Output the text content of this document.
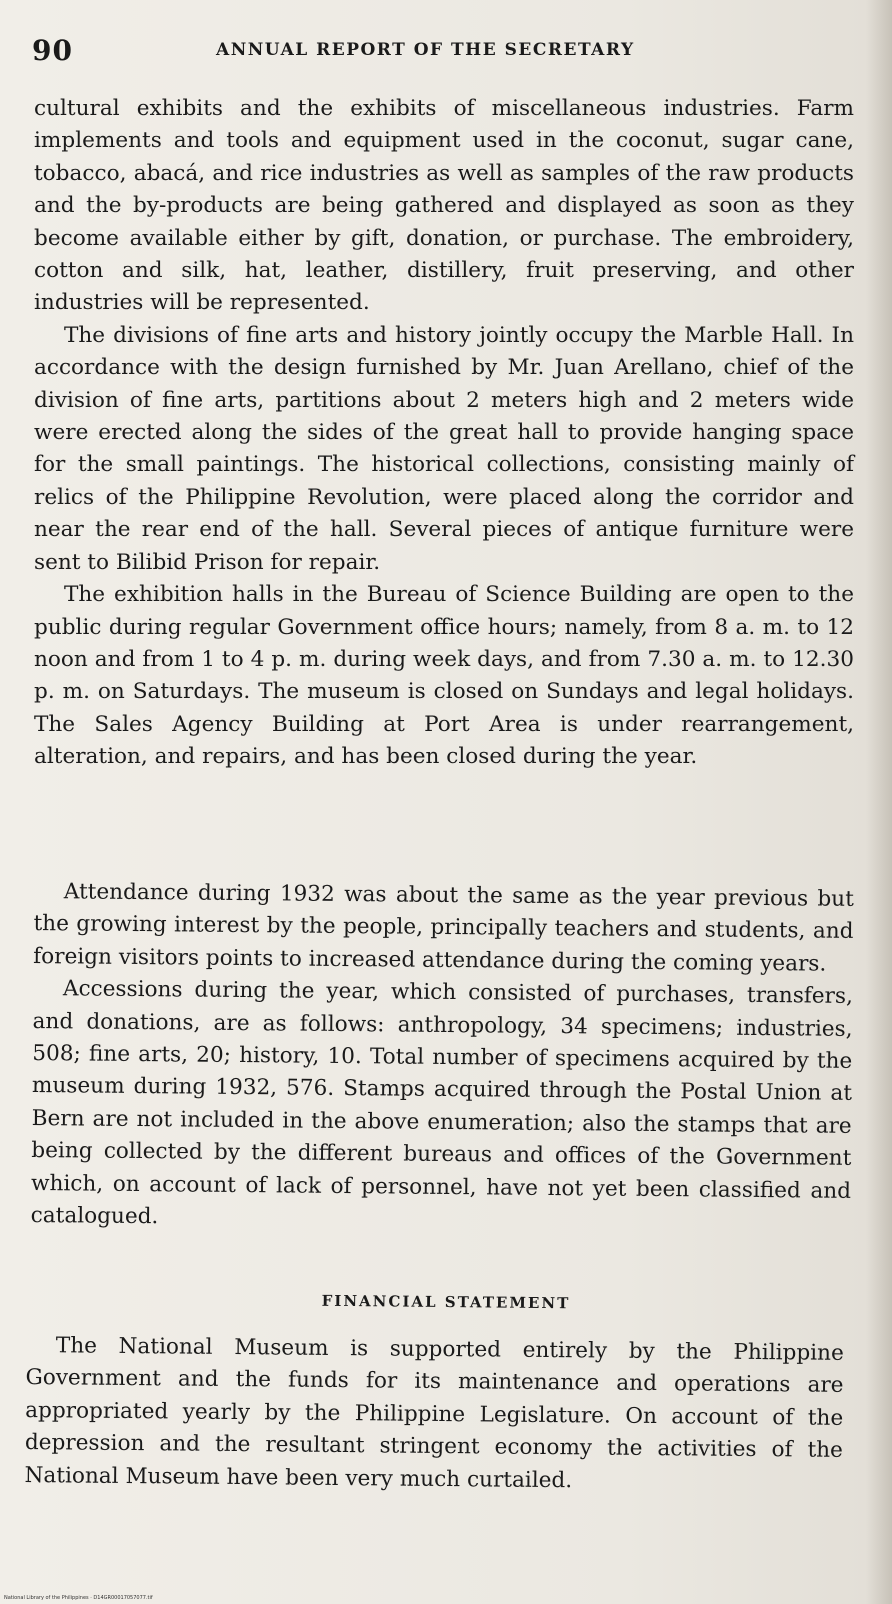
90	ANNUAL REPORT OF THE SECRETARY

cultural exhibits and the exhibits of miscellaneous industries. Farm implements and tools and equipment used in the coconut, sugar cane, tobacco, abacá, and rice industries as well as samples of the raw products and the by-products are being gathered and displayed as soon as they become available either by gift, donation, or purchase. The embroidery, cotton and silk, hat, leather, distillery, fruit preserving, and other industries will be represented.

The divisions of fine arts and history jointly occupy the Marble Hall. In accordance with the design furnished by Mr. Juan Arellano, chief of the division of fine arts, partitions about 2 meters high and 2 meters wide were erected along the sides of the great hall to provide hanging space for the small paintings. The historical collections, consisting mainly of relics of the Philippine Revolution, were placed along the corridor and near the rear end of the hall. Several pieces of antique furniture were sent to Bilibid Prison for repair.

The exhibition halls in the Bureau of Science Building are open to the public during regular Government office hours; namely, from 8 a. m. to 12 noon and from 1 to 4 p. m. during week days, and from 7.30 a. m. to 12.30 p. m. on Saturdays. The museum is closed on Sundays and legal holidays. The Sales Agency Building at Port Area is under rearrangement, alteration, and repairs, and has been closed during the year.

Attendance during 1932 was about the same as the year previous but the growing interest by the people, principally teachers and students, and foreign visitors points to increased attendance during the coming years.

Accessions during the year, which consisted of purchases, transfers, and donations, are as follows: anthropology, 34 specimens; industries, 508; fine arts, 20; history, 10. Total number of specimens acquired by the museum during 1932, 576. Stamps acquired through the Postal Union at Bern are not included in the above enumeration; also the stamps that are being collected by the different bureaus and offices of the Government which, on account of lack of personnel, have not yet been classified and catalogued.

FINANCIAL STATEMENT

The National Museum is supported entirely by the Philippine Government and the funds for its maintenance and operations are appropriated yearly by the Philippine Legislature. On account of the depression and the resultant stringent economy the activities of the National Museum have been very much curtailed.

National Library of the Philippines · D14GR00017057077.tif
